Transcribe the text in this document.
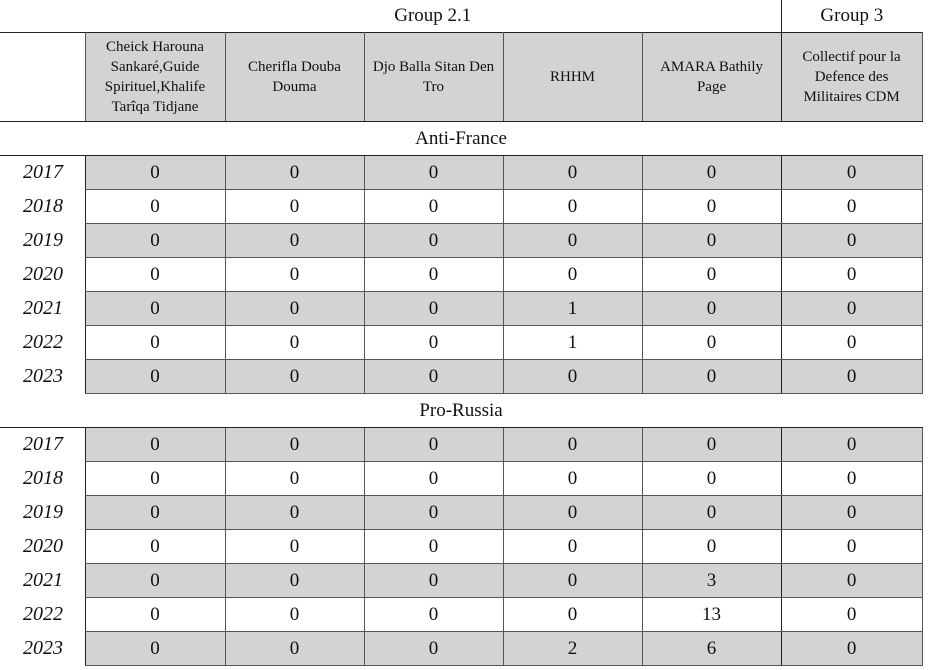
	Group 2.1					Group 3
	Cheick Harouna Sankaré,Guide Spirituel,Khalife Tarîqa Tidjane	Cherifla Douba Douma	Djo Balla Sitan Den Tro	RHHM	AMARA Bathily Page	Collectif pour la Defence des Militaires CDM
Anti-France						
2017	0	0	0	0	0	0
2018	0	0	0	0	0	0
2019	0	0	0	0	0	0
2020	0	0	0	0	0	0
2021	0	0	0	1	0	0
2022	0	0	0	1	0	0
2023	0	0	0	0	0	0
Pro-Russia						
2017	0	0	0	0	0	0
2018	0	0	0	0	0	0
2019	0	0	0	0	0	0
2020	0	0	0	0	0	0
2021	0	0	0	0	3	0
2022	0	0	0	0	13	0
2023	0	0	0	2	6	0
